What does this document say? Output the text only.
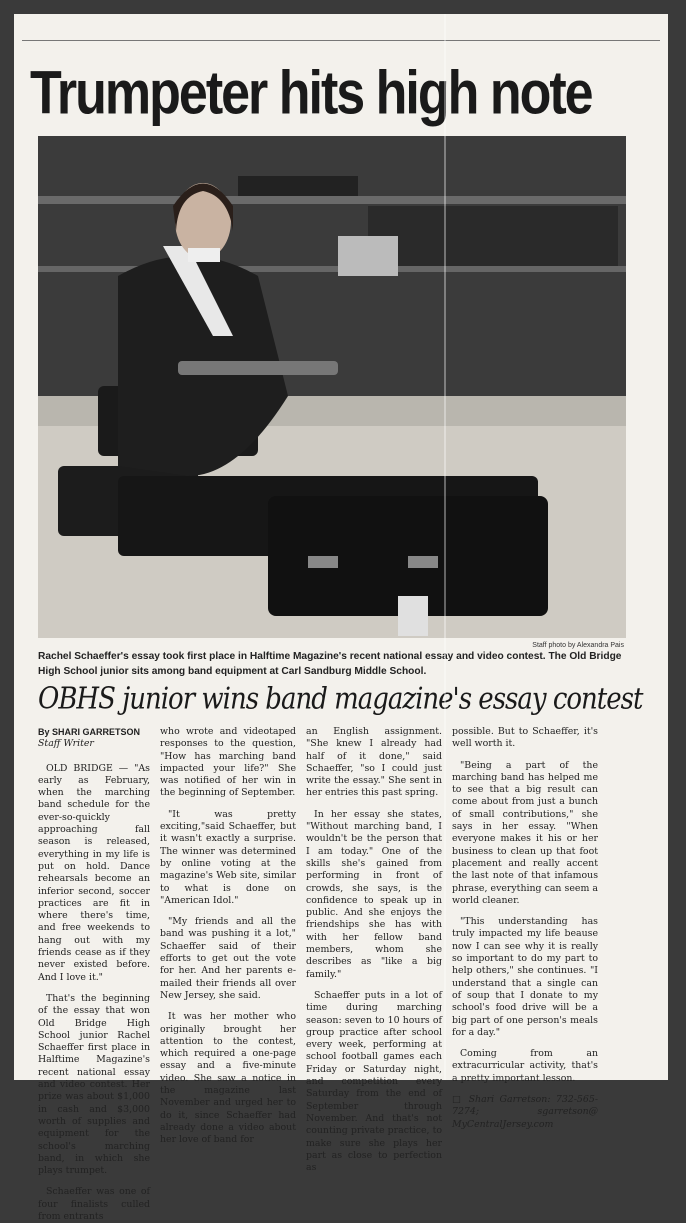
Trumpeter hits high note
Staff photo by Alexandra Pais
Rachel Schaeffer's essay took first place in Halftime Magazine's recent national essay and video contest. The Old Bridge High School junior sits among band equipment at Carl Sandburg Middle School.
OBHS junior wins band magazine's essay contest
By SHARI GARRETSON
Staff Writer

OLD BRIDGE — "As early as February, when the marching band schedule for the ever-so-quickly approaching fall season is released, everything in my life is put on hold. Dance rehearsals become an inferior second, soccer practices are fit in where there's time, and free weekends to hang out with my friends cease as if they never existed before. And I love it."

That's the beginning of the essay that won Old Bridge High School junior Rachel Schaeffer first place in Halftime Magazine's recent national essay and video contest. Her prize was about $1,000 in cash and $3,000 worth of supplies and equipment for the school's marching band, in which she plays trumpet.

Schaeffer was one of four finalists culled from entrants

who wrote and videotaped responses to the question, "How has marching band impacted your life?" She was notified of her win in the beginning of September.

"It was pretty exciting,"said Schaeffer, but it wasn't exactly a surprise. The winner was determined by online voting at the magazine's Web site, similar to what is done on "American Idol."

"My friends and all the band was pushing it a lot," Schaeffer said of their efforts to get out the vote for her. And her parents e-mailed their friends all over New Jersey, she said.

It was her mother who originally brought her attention to the contest, which required a one-page essay and a five-minute video. She saw a notice in the magazine last November and urged her to do it, since Schaeffer had already done a video about her love of band for

an English assignment. "She knew I already had half of it done," said Schaeffer, "so I could just write the essay." She sent in her entries this past spring.

In her essay she states, "Without marching band, I wouldn't be the person that I am today." One of the skills she's gained from performing in front of crowds, she says, is the confidence to speak up in public. And she enjoys the friendships she has with with her fellow band members, whom she describes as "like a big family."

Schaeffer puts in a lot of time during marching season: seven to 10 hours of group practice after school every week, performing at school football games each Friday or Saturday night, and competition every Saturday from the end of September through November. And that's not counting private practice, to make sure she plays her part as close to perfection as

possible. But to Schaeffer, it's well worth it.

"Being a part of the marching band has helped me to see that a big result can come about from just a bunch of small contributions," she says in her essay. "When everyone makes it his or her business to clean up that foot placement and really accent the last note of that infamous phrase, everything can seem a world cleaner.

"This understanding has truly impacted my life beause now I can see why it is really so important to do my part to help others," she continues. "I understand that a single can of soup that I donate to my school's food drive will be a big part of one person's meals for a day."

Coming from an extracurricular activity, that's a pretty important lesson.

□ Shari Garretson: 732-565-7274; sgarretson@ MyCentralJersey.com
